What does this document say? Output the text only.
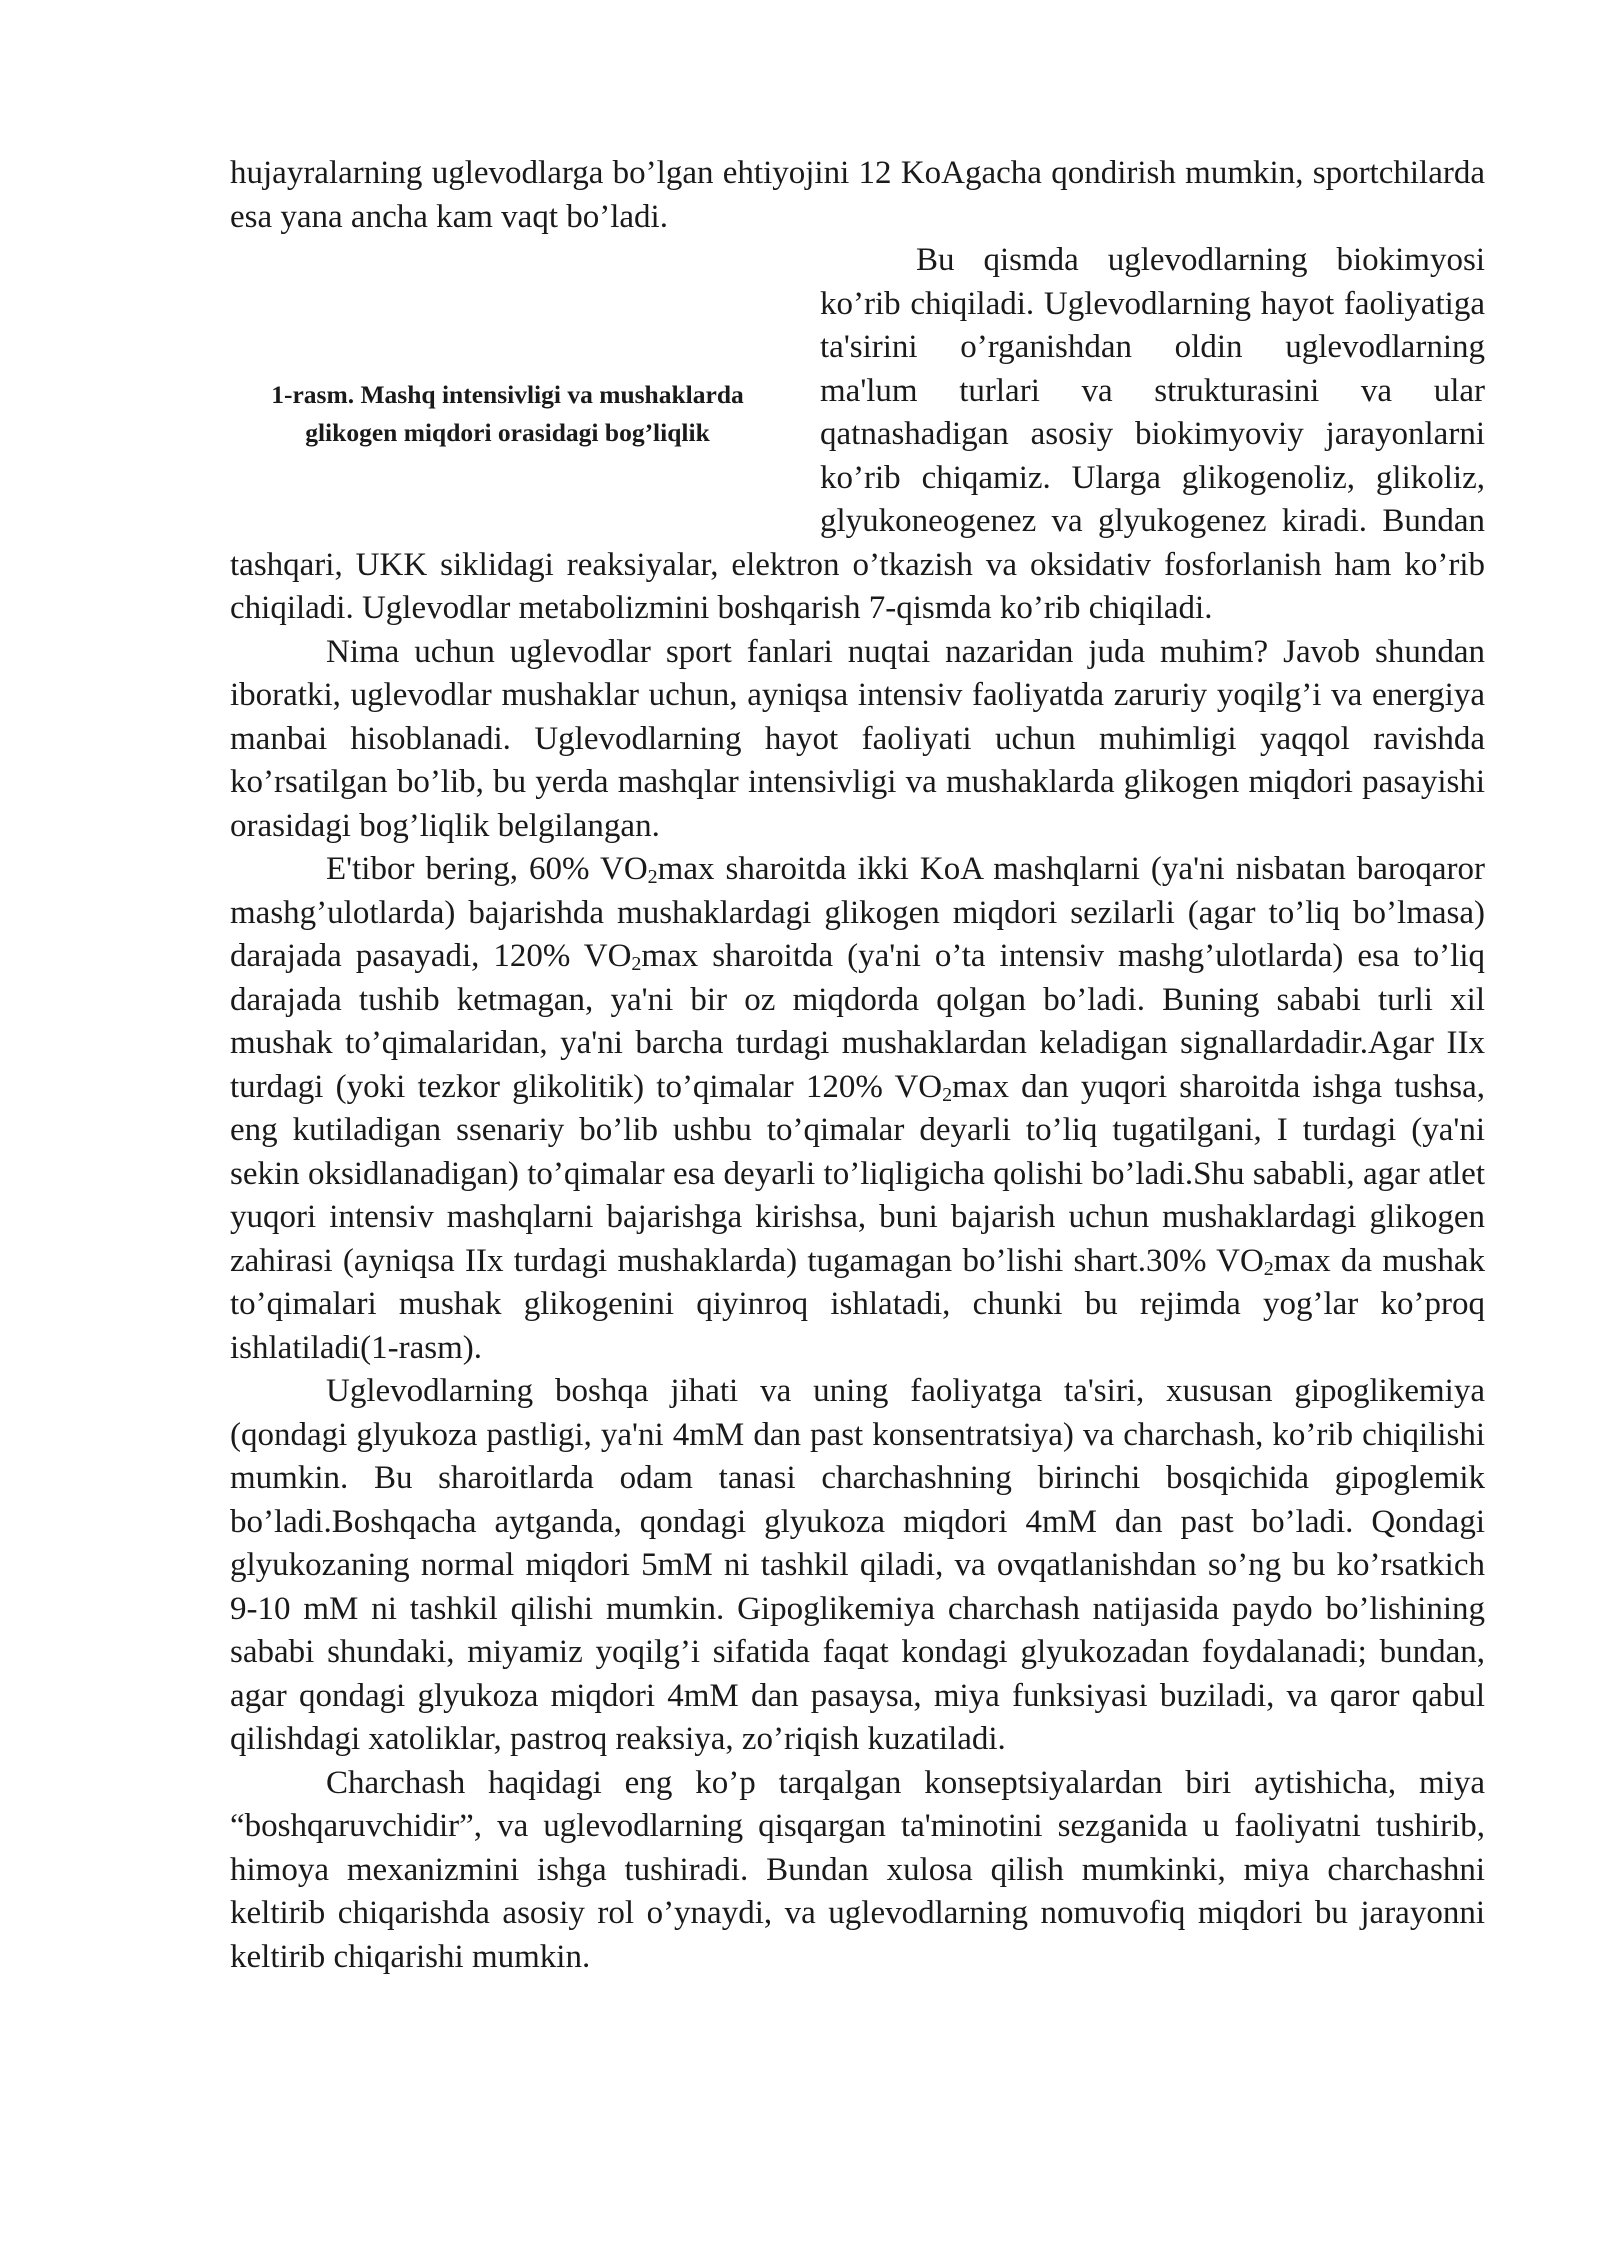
hujayralarning uglevodlarga bo’lgan ehtiyojini 12 KoAgacha qondirish mumkin, sportchilarda esa yana ancha kam vaqt bo’ladi.

1-rasm. Mashq intensivligi va mushaklarda glikogen miqdori orasidagi bog’liqlik

Bu qismda uglevodlarning biokimyosi ko’rib chiqiladi. Uglevodlarning hayot faoliyatiga ta'sirini o’rganishdan oldin uglevodlarning ma'lum turlari va strukturasini va ular qatnashadigan asosiy biokimyoviy jarayonlarni ko’rib chiqamiz. Ularga glikogenoliz, glikoliz, glyukoneogenez va glyukogenez kiradi. Bundan tashqari, UKK siklidagi reaksiyalar, elektron o’tkazish va oksidativ fosforlanish ham ko’rib chiqiladi. Uglevodlar metabolizmini boshqarish 7-qismda ko’rib chiqiladi.

Nima uchun uglevodlar sport fanlari nuqtai nazaridan juda muhim? Javob shundan iboratki, uglevodlar mushaklar uchun, ayniqsa intensiv faoliyatda zaruriy yoqilg’i va energiya manbai hisoblanadi. Uglevodlarning hayot faoliyati uchun muhimligi yaqqol ravishda ko’rsatilgan bo’lib, bu yerda mashqlar intensivligi va mushaklarda glikogen miqdori pasayishi orasidagi bog’liqlik belgilangan.

E'tibor bering, 60% $VO_2\max$ sharoitda ikki KoA mashqlarni (ya'ni nisbatan baroqaror mashg’ulotlarda) bajarishda mushaklardagi glikogen miqdori sezilarli (agar to’liq bo’lmasa) darajada pasayadi, 120% $VO_2\max$ sharoitda (ya'ni o’ta intensiv mashg’ulotlarda) esa to’liq darajada tushib ketmagan, ya'ni bir oz miqdorda qolgan bo’ladi. Buning sababi turli xil mushak to’qimalaridan, ya'ni barcha turdagi mushaklardan keladigan signallardadir.Agar IIx turdagi (yoki tezkor glikolitik) to’qimalar 120% $VO_2\max$ dan yuqori sharoitda ishga tushsa, eng kutiladigan ssenariy bo’lib ushbu to’qimalar deyarli to’liq tugatilgani, I turdagi (ya'ni sekin oksidlanadigan) to’qimalar esa deyarli to’liqligicha qolishi bo’ladi.Shu sababli, agar atlet yuqori intensiv mashqlarni bajarishga kirishsa, buni bajarish uchun mushaklardagi glikogen zahirasi (ayniqsa IIx turdagi mushaklarda) tugamagan bo’lishi shart.30% $VO_2\max$ da mushak to’qimalari mushak glikogenini qiyinroq ishlatadi, chunki bu rejimda yog’lar ko’proq ishlatiladi(1-rasm).

Uglevodlarning boshqa jihati va uning faoliyatga ta'siri, xususan gipoglikemiya (qondagi glyukoza pastligi, ya'ni 4mM dan past konsentratsiya) va charchash, ko’rib chiqilishi mumkin. Bu sharoitlarda odam tanasi charchashning birinchi bosqichida gipoglemik bo’ladi.Boshqacha aytganda, qondagi glyukoza miqdori 4mM dan past bo’ladi. Qondagi glyukozaning normal miqdori 5mM ni tashkil qiladi, va ovqatlanishdan so’ng bu ko’rsatkich 9-10 mM ni tashkil qilishi mumkin. Gipoglikemiya charchash natijasida paydo bo’lishining sababi shundaki, miyamiz yoqilg’i sifatida faqat kondagi glyukozadan foydalanadi; bundan, agar qondagi glyukoza miqdori 4mM dan pasaysa, miya funksiyasi buziladi, va qaror qabul qilishdagi xatoliklar, pastroq reaksiya, zo’riqish kuzatiladi.

Charchash haqidagi eng ko’p tarqalgan konseptsiyalardan biri aytishicha, miya “boshqaruvchidir”, va uglevodlarning qisqargan ta'minotini sezganida u faoliyatni tushirib, himoya mexanizmini ishga tushiradi. Bundan xulosa qilish mumkinki, miya charchashni keltirib chiqarishda asosiy rol o’ynaydi, va uglevodlarning nomuvofiq miqdori bu jarayonni keltirib chiqarishi mumkin.
